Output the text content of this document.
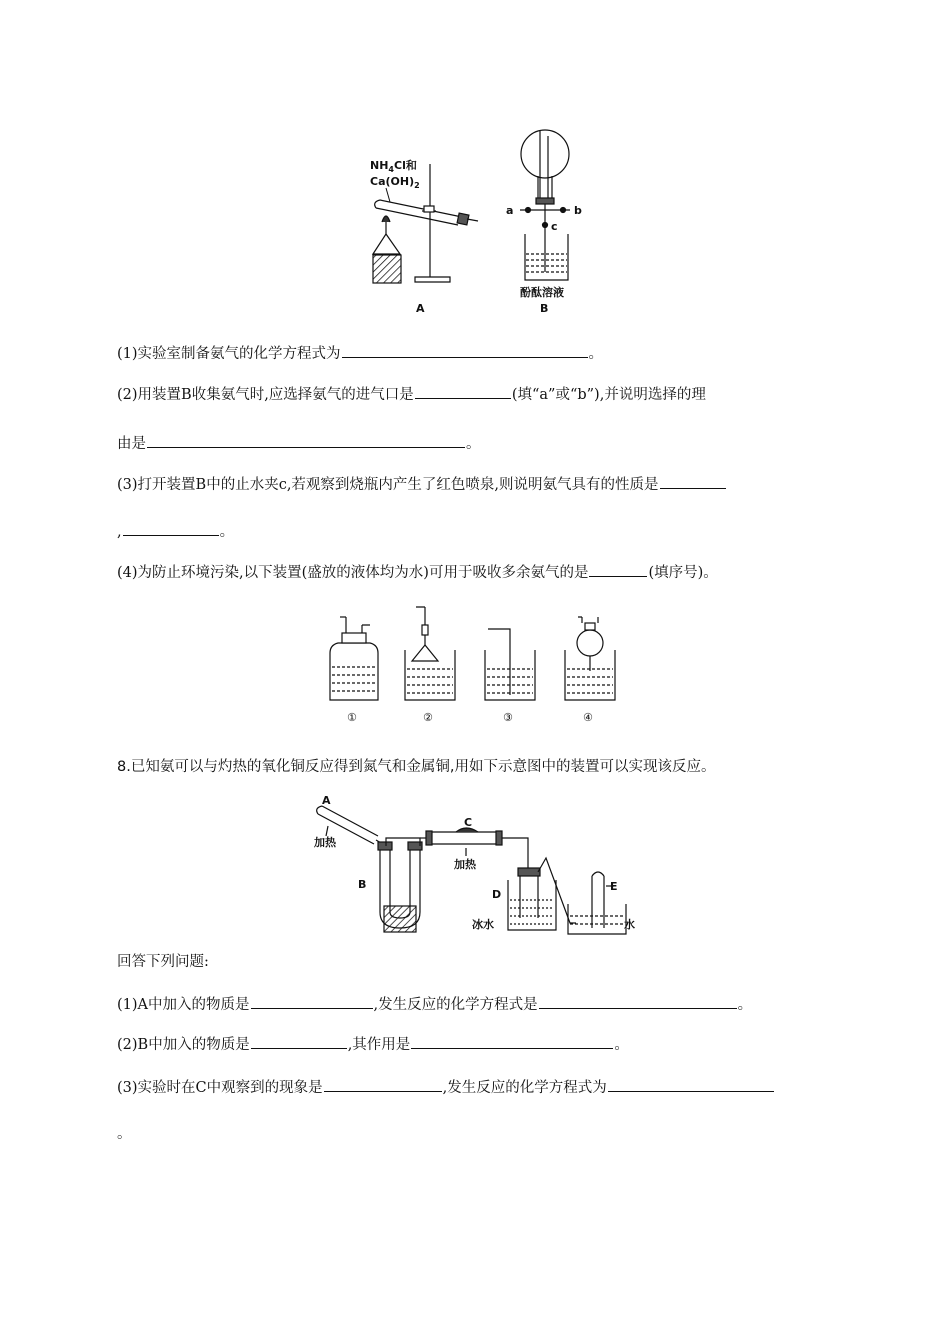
$NH_4Cl$和
$Ca(OH)_2$
A
a	b
c
酚酞溶液
B
(1)实验室制备氨气的化学方程式为	。
(2)用装置B收集氨气时,应选择氨气的进气口是	(填“a”或“b”),并说明选择的理
由是	。
(3)打开装置B中的止水夹c,若观察到烧瓶内产生了红色喷泉,则说明氨气具有的性质是
,	。
(4)为防止环境污染,以下装置(盛放的液体均为水)可用于吸收多余氨气的是	(填序号)。
①	②	③	④
8.已知氨可以与灼热的氧化铜反应得到氮气和金属铜,用如下示意图中的装置可以实现该反应。
A
加热
B
C
加热
D
E
冰水	水
回答下列问题:
(1)A中加入的物质是	,发生反应的化学方程式是	。
(2)B中加入的物质是	,其作用是	。
(3)实验时在C中观察到的现象是	,发生反应的化学方程式为
。
